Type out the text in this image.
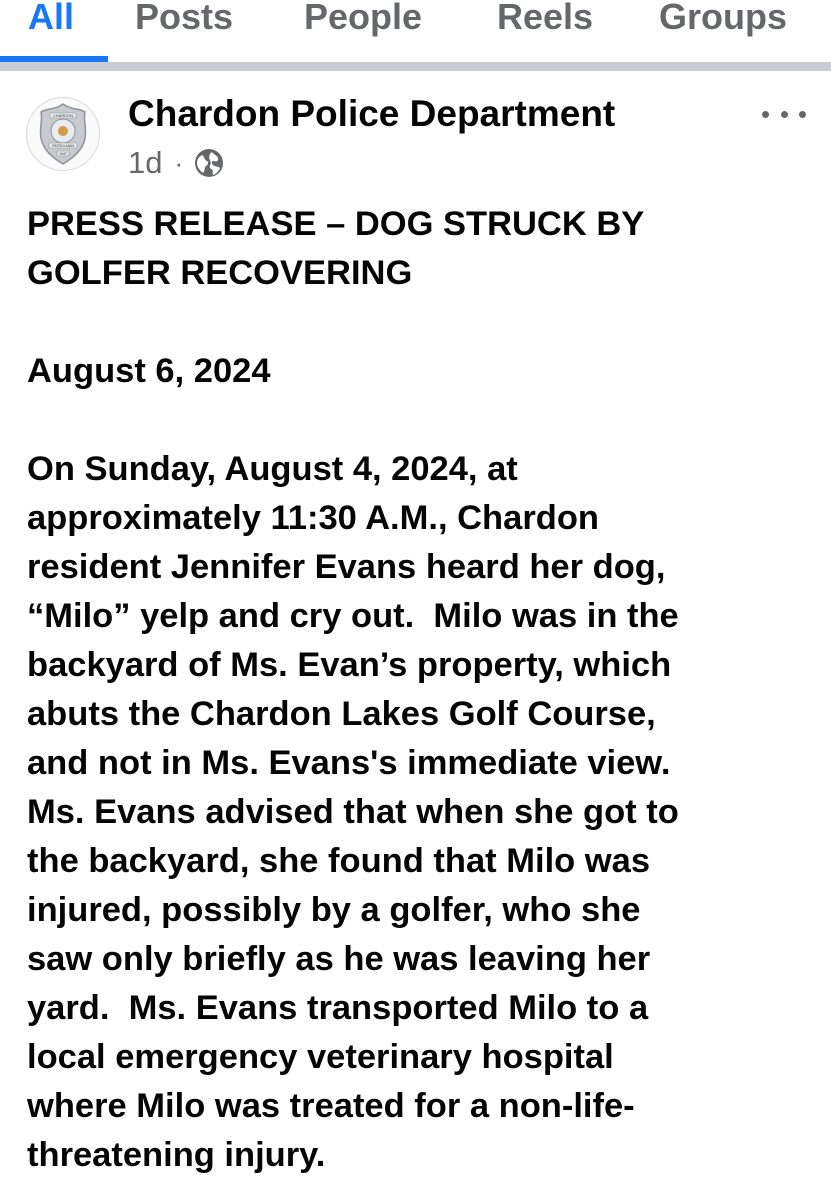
All Posts People Reels Groups
CHARDON
PATROLMAN
1947
Chardon Police Department
1d ·

PRESS RELEASE – DOG STRUCK BY

GOLFER RECOVERING

August 6, 2024

On Sunday, August 4, 2024, at

approximately 11:30 A.M., Chardon

resident Jennifer Evans heard her dog,

“Milo” yelp and cry out.  Milo was in the

backyard of Ms. Evan’s property, which

abuts the Chardon Lakes Golf Course,

and not in Ms. Evans's immediate view.

Ms. Evans advised that when she got to

the backyard, she found that Milo was

injured, possibly by a golfer, who she

saw only briefly as he was leaving her

yard.  Ms. Evans transported Milo to a

local emergency veterinary hospital

where Milo was treated for a non-life-

threatening injury.
